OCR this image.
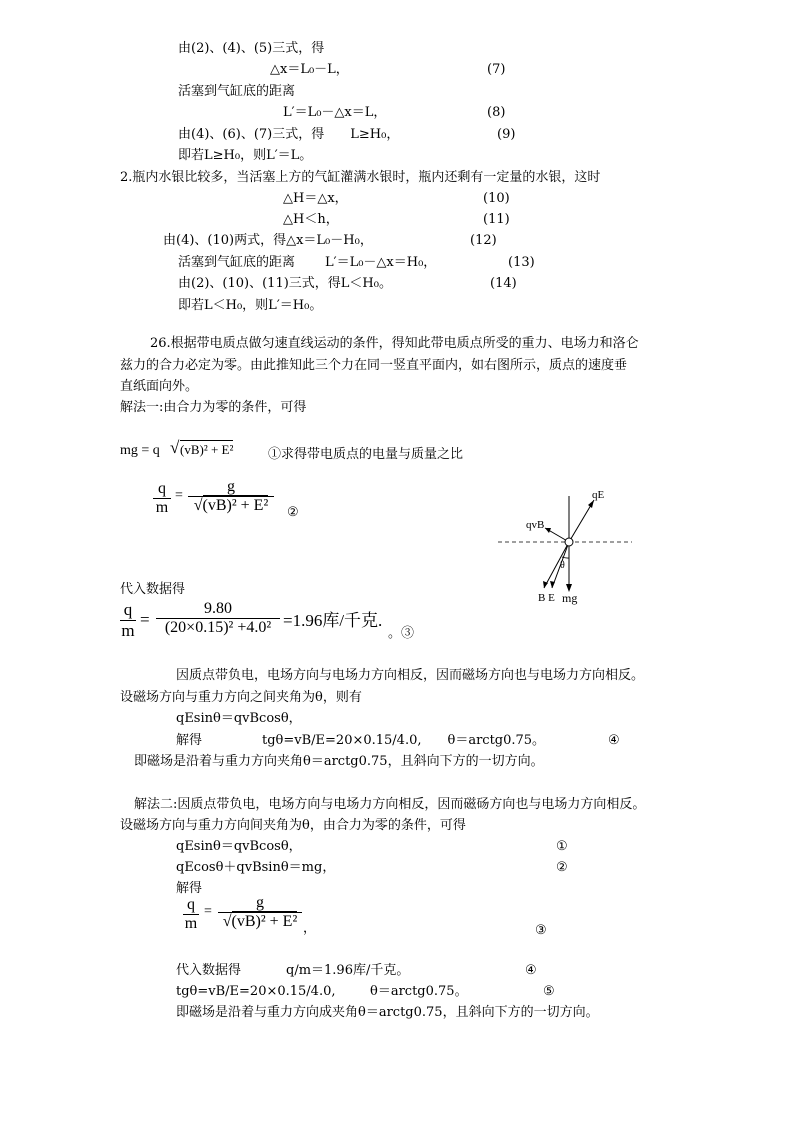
由(2)、(4)、(5)三式，得
△x＝L₀－L，	(7)
活塞到气缸底的距离
L′＝L₀－△x＝L，	(8)
由(4)、(6)、(7)三式，得　　L≥H₀，	(9)
即若L≥H₀，则L′＝L。
2.瓶内水银比较多，当活塞上方的气缸灌满水银时，瓶内还剩有一定量的水银，这时
△H＝△x，	(10)
△H＜h，	(11)
由(4)、(10)两式，得△x＝L₀－H₀，	(12)
活塞到气缸底的距离 L′＝L₀－△x＝H₀，	(13)
由(2)、(10)、(11)三式，得L＜H₀。	(14)
即若L＜H₀，则L′＝H₀。
26.根据带电质点做匀速直线运动的条件，得知此带电质点所受的重力、电场力和洛仑
兹力的合力必定为零。由此推知此三个力在同一竖直平面内，如右图所示，质点的速度垂
直纸面向外。
解法一:由合力为零的条件，可得
mg = q √ (vB)² + E²	①求得带电质点的电量与质量之比
q
m
=
g
√(vB)² + E²	②
qE
qvB
θ
B E mg
代入数据得
q
m
=
9.80
(20×0.15)² +4.0² =1.96库/千克.
。③
因质点带负电，电场方向与电场力方向相反，因而磁场方向也与电场力方向相反。
设磁场方向与重力方向之间夹角为θ，则有
qEsinθ＝qvBcosθ，
解得	tgθ=vB/E=20×0.15/4.0,　　θ＝arctg0.75。	④
即磁场是沿着与重力方向夹角θ＝arctg0.75，且斜向下方的一切方向。
解法二:因质点带负电，电场方向与电场力方向相反，因而磁砀方向也与电场力方向相反。
设磁场方向与重力方向间夹角为θ，由合力为零的条件，可得
qEsinθ＝qvBcosθ，	①
qEcosθ＋qvBsinθ＝mg，	②
解得
q
m
=
g
√(vB)² + E² ，	③
代入数据得	q/m＝1.96库/千克。	④
tgθ=vB/E=20×0.15/4.0,	θ＝arctg0.75。	⑤
即磁场是沿着与重力方向成夹角θ＝arctg0.75，且斜向下方的一切方向。
